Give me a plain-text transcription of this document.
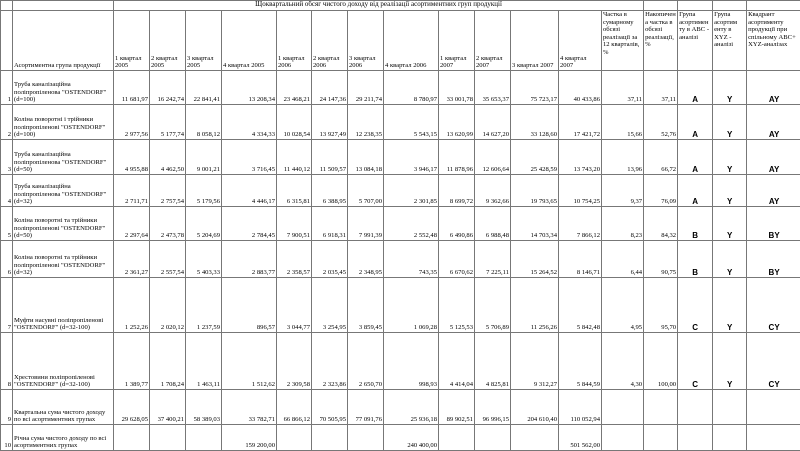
		Щоквартальний обсяг чистого доходу від реалізації асортиментних груп продукції																
	Асортиментна група продукції	1 квартал 2005	2 квартал 2005	3 квартал 2005	4 квартал 2005	1 квартал 2006	2 квартал 2006	3 квартал 2006	4 квартал 2006	1 квартал 2007	2 квартал 2007	3 квартал 2007	4 квартал 2007	Частка в сумарному обсязі реалізації за 12 кварталів, %	Накопичена частка в обсязі реалізації, %	Група асортимен ту в АВС - аналізі	Група асортим енту в XYZ - аналізі	Квадрант асортименту продукції при спільному АВС+ XYZ-аналізах
1	Труба каналізаційна поліпропіленова "OSTENDORF" (d=100)	11 681,97	16 242,74	22 841,41	13 208,34	23 468,21	24 147,36	29 211,74	8 780,97	33 001,78	35 653,37	75 723,17	40 433,86	37,11	37,11	A	Y	AY
2	Коліна поворотні і трійники поліпропіленові "OSTENDORF" (d=100)	2 977,56	5 177,74	8 058,12	4 334,33	10 028,54	13 927,49	12 238,35	5 543,15	13 620,99	14 627,20	33 128,60	17 421,72	15,66	52,76	A	Y	AY
3	Труба каналізаційна поліпропіленова "OSTENDORF" (d=50)	4 955,88	4 462,50	9 001,21	3 716,45	11 440,12	11 509,57	13 084,18	3 946,17	11 878,96	12 606,64	25 428,59	13 743,20	13,96	66,72	A	Y	AY
4	Труба каналізаційна поліпропіленова "OSTENDORF" (d=32)	2 711,71	2 757,54	5 179,56	4 446,17	6 315,81	6 388,95	5 707,00	2 301,85	8 699,72	9 362,66	19 793,65	10 754,25	9,37	76,09	A	Y	AY
5	Коліна поворотні та трійники поліпропіленові "OSTENDORF" (d=50)	2 297,64	2 473,78	5 204,69	2 784,45	7 900,51	6 918,31	7 991,39	2 552,48	6 490,86	6 988,48	14 703,34	7 866,12	8,23	84,32	B	Y	BY
6	Коліна поворотні та трійники поліпропіленові "OSTENDORF" (d=32)	2 361,27	2 557,54	5 403,33	2 883,77	2 358,57	2 035,45	2 348,95	743,35	6 670,62	7 225,11	15 264,52	8 146,71	6,44	90,75	B	Y	BY
7	Муфти насувні поліпропіленові "OSTENDORF" (d=32-100)	1 252,26	2 020,12	1 237,59	896,57	3 044,77	3 254,95	3 859,45	1 069,28	5 125,53	5 706,89	11 256,26	5 842,48	4,95	95,70	C	Y	CY
8	Хрестовини поліпропіленові "OSTENDORF" (d=32-100)	1 389,77	1 708,24	1 463,11	1 512,62	2 309,58	2 323,86	2 650,70	998,93	4 414,04	4 825,81	9 312,27	5 844,59	4,30	100,00	C	Y	CY
9	Квартальна сума чистого доходу по всі асортиментних групах	29 628,05	37 400,21	58 389,03	33 782,71	66 866,12	70 505,95	77 091,76	25 936,18	89 902,51	96 996,15	204 610,40	110 052,94					
10	Річна сума чистого доходу по всі асортиментних групах				159 200,00				240 400,00				501 562,00					
